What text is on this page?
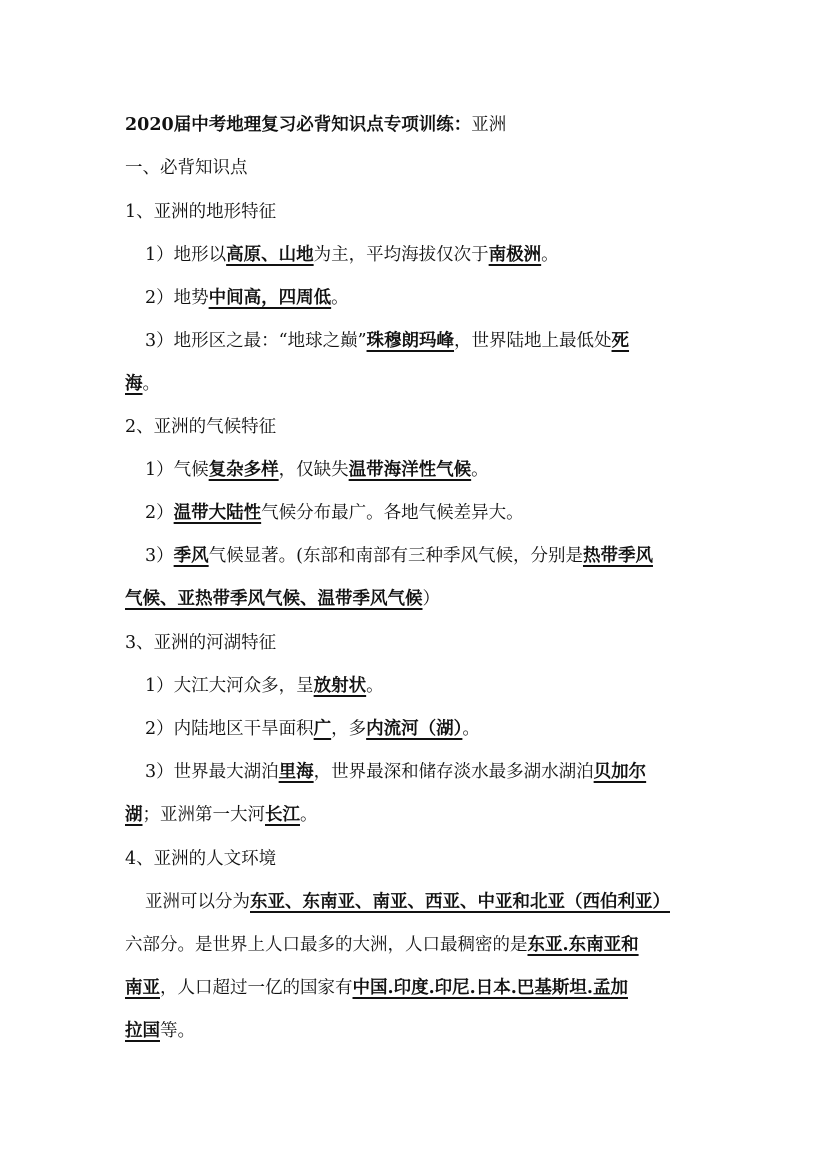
2020届中考地理复习必背知识点专项训练：亚洲
一、必背知识点
1、亚洲的地形特征
1）地形以高原、山地为主，平均海拔仅次于南极洲。
2）地势中间高，四周低。
3）地形区之最：“地球之巅”珠穆朗玛峰，世界陆地上最低处死
海。
2、亚洲的气候特征
1）气候复杂多样，仅缺失温带海洋性气候。
2）温带大陆性气候分布最广。各地气候差异大。
3）季风气候显著。(东部和南部有三种季风气候，分别是热带季风
气候、亚热带季风气候、温带季风气候）
3、亚洲的河湖特征
1）大江大河众多，呈放射状。
2）内陆地区干旱面积广，多内流河（湖）。
3）世界最大湖泊里海，世界最深和储存淡水最多湖水湖泊贝加尔
湖；亚洲第一大河长江。
4、亚洲的人文环境
亚洲可以分为东亚、东南亚、南亚、西亚、中亚和北亚（西伯利亚）
六部分。是世界上人口最多的大洲，人口最稠密的是东亚.东南亚和
南亚，人口超过一亿的国家有中国.印度.印尼.日本.巴基斯坦.孟加
拉国等。
